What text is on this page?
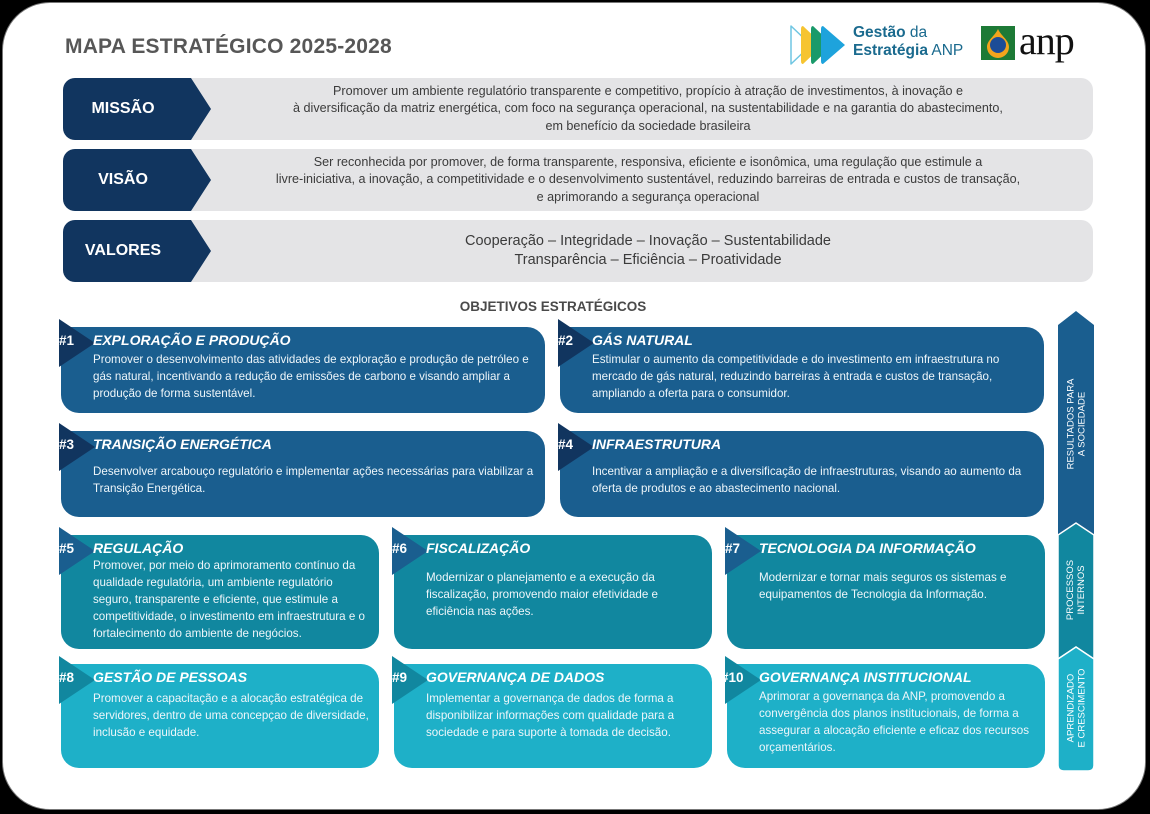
MAPA ESTRATÉGICO 2025-2028
Gestão da
Estratégia ANP anp
MISSÃO
Promover um ambiente regulatório transparente e competitivo, propício à atração de investimentos, à inovação e
à diversificação da matriz energética, com foco na segurança operacional, na sustentabilidade e na garantia do abastecimento,
em benefício da sociedade brasileira
VISÃO
Ser reconhecida por promover, de forma transparente, responsiva, eficiente e isonômica, uma regulação que estimule a
livre-iniciativa, a inovação, a competitividade e o desenvolvimento sustentável, reduzindo barreiras de entrada e custos de transação,
e aprimorando a segurança operacional
VALORES
Cooperação – Integridade – Inovação – Sustentabilidade
Transparência – Eficiência – Proatividade
OBJETIVOS ESTRATÉGICOS
#1 EXPLORAÇÃO E PRODUÇÃO
Promover o desenvolvimento das atividades de exploração e produção de petróleo e gás natural, incentivando a redução de emissões de carbono e visando ampliar a produção de forma sustentável.
#2 GÁS NATURAL
Estimular o aumento da competitividade e do investimento em infraestrutura no mercado de gás natural, reduzindo barreiras à entrada e custos de transação, ampliando a oferta para o consumidor.
#3 TRANSIÇÃO ENERGÉTICA
Desenvolver arcabouço regulatório e implementar ações necessárias para viabilizar a Transição Energética.
#4 INFRAESTRUTURA
Incentivar a ampliação e a diversificação de infraestruturas, visando ao aumento da oferta de produtos e ao abastecimento nacional.
#5 REGULAÇÃO
Promover, por meio do aprimoramento contínuo da qualidade regulatória, um ambiente regulatório seguro, transparente e eficiente, que estimule a competitividade, o investimento em infraestrutura e o fortalecimento do ambiente de negócios.
#6 FISCALIZAÇÃO
Modernizar o planejamento e a execução da fiscalização, promovendo maior efetividade e eficiência nas ações.
#7 TECNOLOGIA DA INFORMAÇÃO
Modernizar e tornar mais seguros os sistemas e equipamentos de Tecnologia da Informação.
#8 GESTÃO DE PESSOAS
Promover a capacitação e a alocação estratégica de servidores, dentro de uma concepçao de diversidade, inclusão e equidade.
#9 GOVERNANÇA DE DADOS
Implementar a governança de dados de forma a disponibilizar informações com qualidade para a sociedade e para suporte à tomada de decisão.
#10 GOVERNANÇA INSTITUCIONAL
Aprimorar a governança da ANP, promovendo a convergência dos planos institucionais, de forma a assegurar a alocação eficiente e eficaz dos recursos orçamentários.
RESULTADOS PARA A SOCIEDADE
PROCESSOS INTERNOS
APRENDIZADO E CRESCIMENTO
